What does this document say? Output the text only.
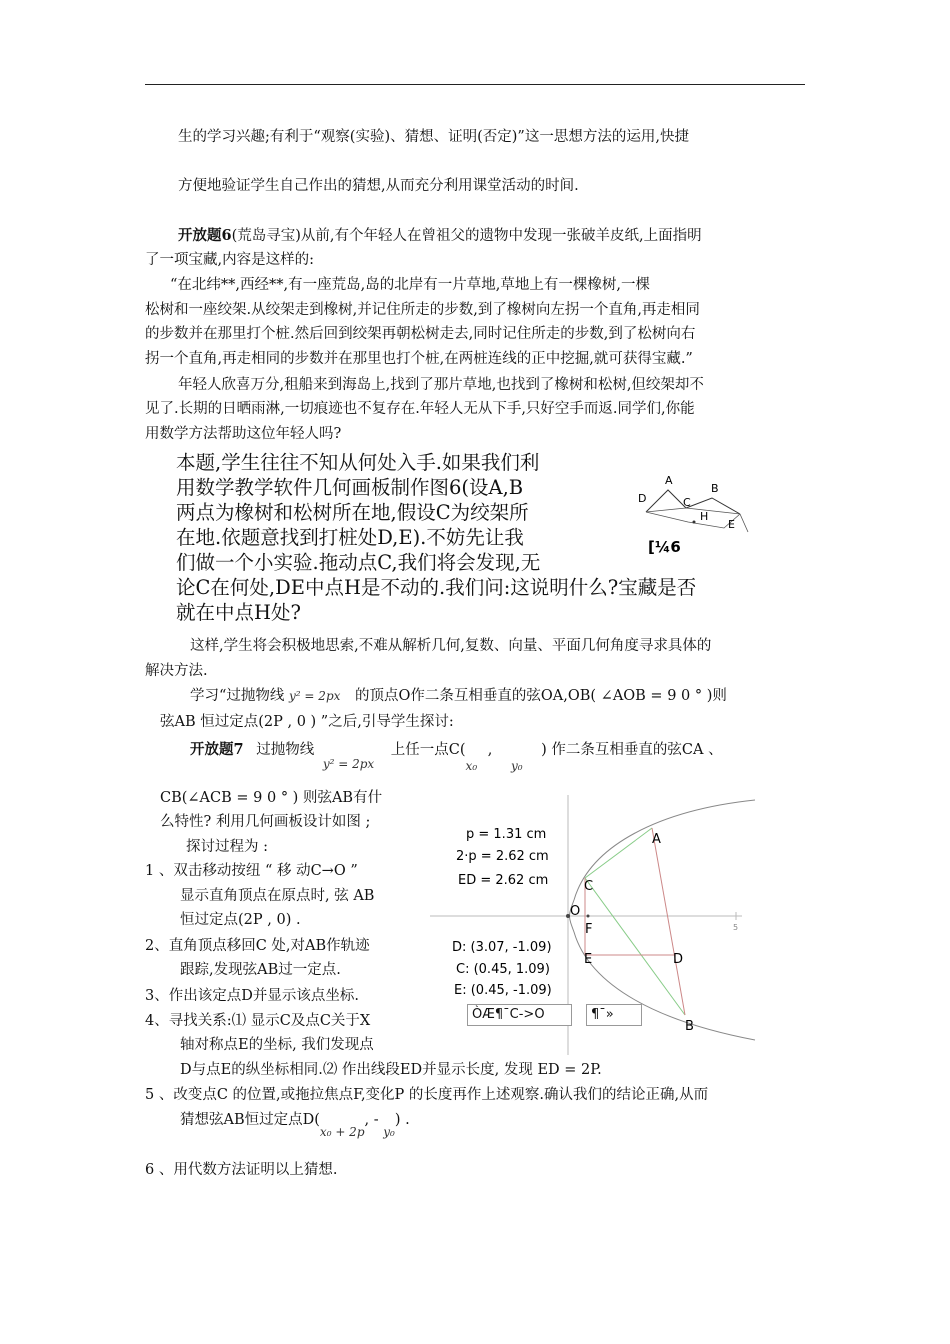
生的学习兴趣;有利于“观察(实验)、猜想、证明(否定)”这一思想方法的运用,快捷
方便地验证学生自己作出的猜想,从而充分利用课堂活动的时间.
开放题6(荒岛寻宝)从前,有个年轻人在曾祖父的遗物中发现一张破羊皮纸,上面指明
了一项宝藏,内容是这样的:
“在北纬**,西经**,有一座荒岛,岛的北岸有一片草地,草地上有一棵橡树,一棵
松树和一座绞架.从绞架走到橡树,并记住所走的步数,到了橡树向左拐一个直角,再走相同
的步数并在那里打个桩.然后回到绞架再朝松树走去,同时记住所走的步数,到了松树向右
拐一个直角,再走相同的步数并在那里也打个桩,在两桩连线的正中挖掘,就可获得宝藏.”
年轻人欣喜万分,租船来到海岛上,找到了那片草地,也找到了橡树和松树,但绞架却不
见了.长期的日晒雨淋,一切痕迹也不复存在.年轻人无从下手,只好空手而返.同学们,你能
用数学方法帮助这位年轻人吗?
本题,学生往往不知从何处入手.如果我们利
用数学教学软件几何画板制作图6(设A,B
两点为橡树和松树所在地,假设C为绞架所
在地.依题意找到打桩处D,E).不妨先让我
们做一个小实验.拖动点C,我们将会发现,无
论C在何处,DE中点H是不动的.我们问:这说明什么?宝藏是否
就在中点H处?
A
B
C
D
H
E
[¼6
这样,学生将会积极地思索,不难从解析几何,复数、向量、平面几何角度寻求具体的
解决方法.
学习“过抛物线 y² = 2px 的顶点O作二条互相垂直的弦OA,OB( ∠AOB = 9 0 ° )则
弦AB 恒过定点(2P , 0 ) ”之后,引导学生探讨:
开放题7 过抛物线 $_{y^2 = 2px}$ 上任一点$C(_{x_0}$ , $_{y_0}$ ) 作二条互相垂直的弦CA 、
CB(∠ACB = 9 0 ° ) 则弦AB有什
么特性? 利用几何画板设计如图 ;
探讨过程为 :
1 、双击移动按纽 “ 移 动C→O ”
显示直角顶点在原点时, 弦 AB
恒过定点(2P , 0) .
2、直角顶点移回C 处,对AB作轨迹
跟踪,发现弦AB过一定点.
3、作出该定点D并显示该点坐标.
4、寻找关系:⑴ 显示C及点C关于X
轴对称点E的坐标, 我们发现点
D与点E的纵坐标相同.⑵ 作出线段ED并显示长度, 发现 ED = 2P.
5 、改变点C 的位置,或拖拉焦点F,变化P 的长度再作上述观察.确认我们的结论正确,从而
猜想弦AB恒过定点$D(_{x_0 + 2p}$, - $_{y_0}$) .
6 、用代数方法证明以上猜想.
5
A
B
C
D
E
F
O
p = 1.31 cm
2·p = 2.62 cm
ED = 2.62 cm
D: (3.07, -1.09)
C: (0.45, 1.09)
E: (0.45, -1.09)
ÒÆ¶¯C->O	¶¯»
